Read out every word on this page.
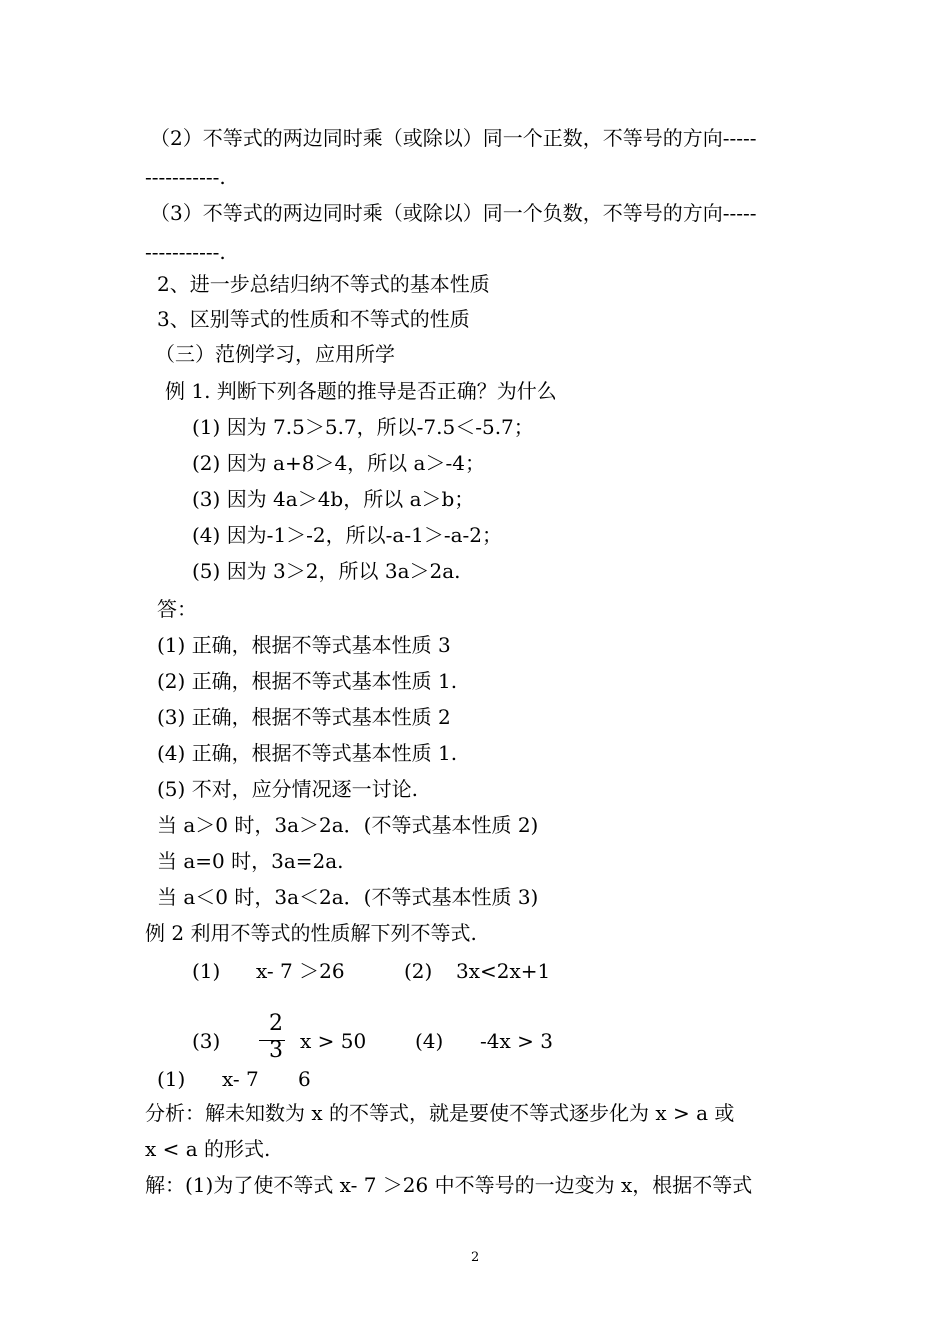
（2）不等式的两边同时乘（或除以）同一个正数，不等号的方向-----
-----------.
（3）不等式的两边同时乘（或除以）同一个负数，不等号的方向-----
-----------.
2、进一步总结归纳不等式的基本性质
3、区别等式的性质和不等式的性质
（三）范例学习，应用所学
例 1. 判断下列各题的推导是否正确？为什么
(1) 因为 7.5＞5.7，所以-7.5＜-5.7；
(2) 因为 a+8＞4，所以 a＞-4；
(3) 因为 4a＞4b，所以 a＞b；
(4) 因为-1＞-2，所以-a-1＞-a-2；
(5) 因为 3＞2，所以 3a＞2a.
答：
(1) 正确，根据不等式基本性质 3
(2) 正确，根据不等式基本性质 1.
(3) 正确，根据不等式基本性质 2
(4) 正确，根据不等式基本性质 1.
(5) 不对，应分情况逐一讨论.
当 a＞0 时，3a＞2a．(不等式基本性质 2)
当 a=0 时，3a=2a.
当 a＜0 时，3a＜2a．(不等式基本性质 3)
例 2 利用不等式的性质解下列不等式.
(1) x- 7 ＞26	(2) 3x<2x+1
(3)
2
3 x > 50 (4) -4x > 3
(1) x- 7 6
分析：解未知数为 x 的不等式，就是要使不等式逐步化为 x > a 或
x < a 的形式.
解：(1)为了使不等式 x- 7 ＞26 中不等号的一边变为 x，根据不等式
2
